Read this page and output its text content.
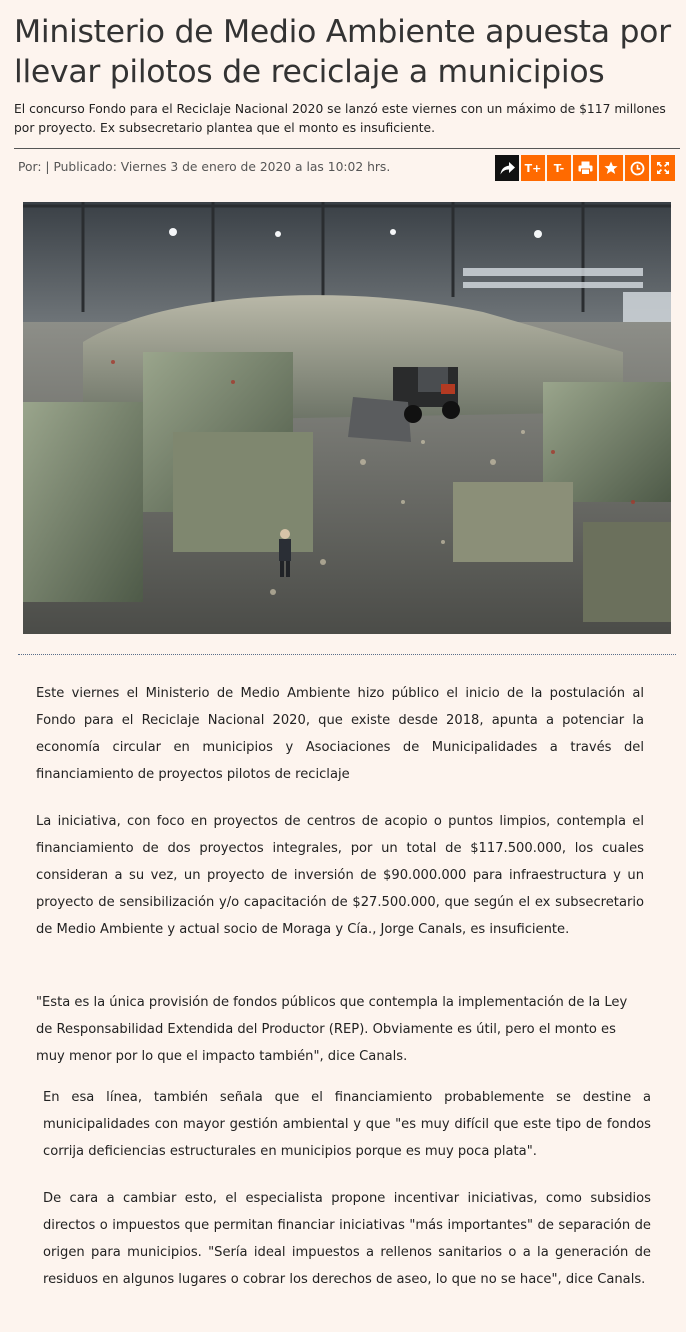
Ministerio de Medio Ambiente apuesta por llevar pilotos de reciclaje a municipios

El concurso Fondo para el Reciclaje Nacional 2020 se lanzó este viernes con un máximo de $117 millones por proyecto. Ex subsecretario plantea que el monto es insuficiente.

Por: | Publicado: Viernes 3 de enero de 2020 a las 10:02 hrs.	T+	T-

Este viernes el Ministerio de Medio Ambiente hizo público el inicio de la postulación al Fondo para el Reciclaje Nacional 2020, que existe desde 2018, apunta a potenciar la economía circular en municipios y Asociaciones de Municipalidades a través del financiamiento de proyectos pilotos de reciclaje

La iniciativa, con foco en proyectos de centros de acopio o puntos limpios, contempla el financiamiento de dos proyectos integrales, por un total de $117.500.000, los cuales consideran a su vez, un proyecto de inversión de $90.000.000 para infraestructura y un proyecto de sensibilización y/o capacitación de $27.500.000, que según el ex subsecretario de Medio Ambiente y actual socio de Moraga y Cía., Jorge Canals, es insuficiente.

"Esta es la única provisión de fondos públicos que contempla la implementación de la Ley de Responsabilidad Extendida del Productor (REP). Obviamente es útil, pero el monto es muy menor por lo que el impacto también", dice Canals.

En esa línea, también señala que el financiamiento probablemente se destine a municipalidades con mayor gestión ambiental y que "es muy difícil que este tipo de fondos corrija deficiencias estructurales en municipios porque es muy poca plata".

De cara a cambiar esto, el especialista propone incentivar iniciativas, como subsidios directos o impuestos que permitan financiar iniciativas "más importantes" de separación de origen para municipios. "Sería ideal impuestos a rellenos sanitarios o a la generación de residuos en algunos lugares o cobrar los derechos de aseo, lo que no se hace", dice Canals.
